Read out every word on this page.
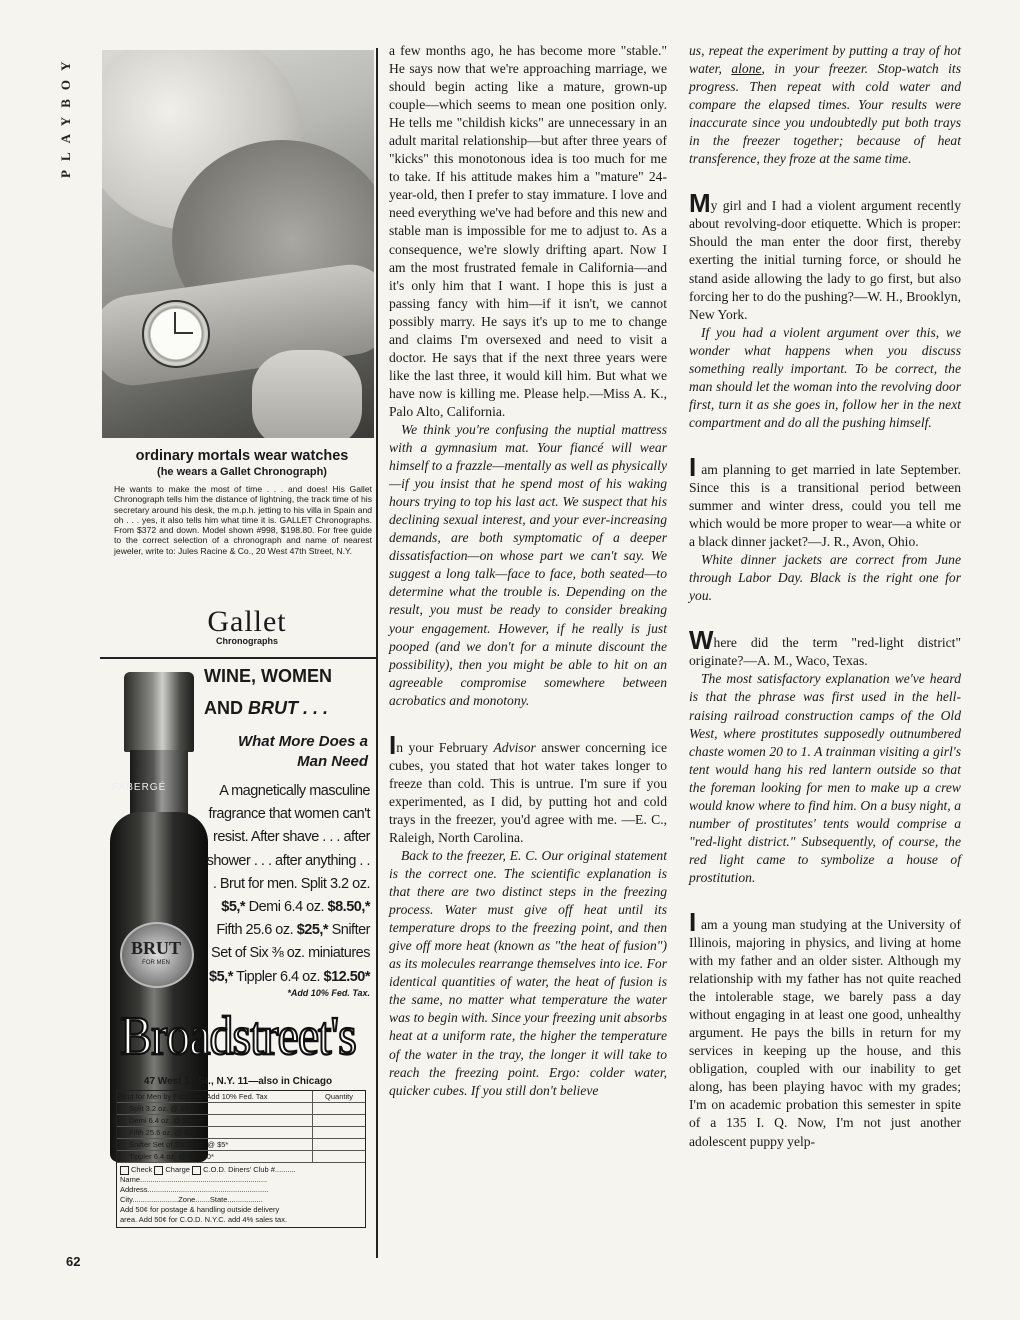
PLAYBOY
ordinary mortals wear watches
(he wears a Gallet Chronograph)
He wants to make the most of time . . . and does! His Gallet Chronograph tells him the distance of lightning, the track time of his secretary around his desk, the m.p.h. jetting to his villa in Spain and oh . . . yes, it also tells him what time it is. GALLET Chronographs. From $372 and down. Model shown #998, $198.80. For free guide to the correct selection of a chronograph and name of nearest jeweler, write to: Jules Racine & Co., 20 West 47th Street, N.Y.
Gallet
Chronographs
FABERGÉ
BRUT
FOR MEN
WINE, WOMEN
AND BRUT . . .
What More Does a Man Need
A magnetically masculine fragrance that women can't resist. After shave . . . after shower . . . after anything . . . Brut for men. Split 3.2 oz. $5,* Demi 6.4 oz. $8.50,* Fifth 25.6 oz. $25,* Snifter Set of Six ⅜ oz. miniatures $5,* Tippler 6.4 oz. $12.50*
*Add 10% Fed. Tax.
Broadstreet's
47 West 17 St., N.Y. 11—also in Chicago
Brut for Men by Fabergé *Add 10% Fed. Tax	Quantity
Split 3.2 oz. @ $5*
Demi 6.4 oz. @ $8.50*
Fifth 25.6 oz. @ $25*
Snifter Set of Six ⅜ oz. @ $5*
Tippler 6.4 oz. @ $12.50*
Check Charge C.O.D. Diners' Club #..........
Name.............................................................
Address..........................................................
City......................Zone.......State.................
Add 50¢ for postage & handling outside delivery
area. Add 50¢ for C.O.D. N.Y.C. add 4% sales tax.
62

a few months ago, he has become more "stable." He says now that we're approaching marriage, we should begin acting like a mature, grown-up couple—which seems to mean one position only. He tells me "childish kicks" are unnecessary in an adult marital relationship—but after three years of "kicks" this monotonous idea is too much for me to take. If his attitude makes him a "mature" 24-year-old, then I prefer to stay immature. I love and need everything we've had before and this new and stable man is impossible for me to adjust to. As a consequence, we're slowly drifting apart. Now I am the most frustrated female in California—and it's only him that I want. I hope this is just a passing fancy with him—if it isn't, we cannot possibly marry. He says it's up to me to change and claims I'm oversexed and need to visit a doctor. He says that if the next three years were like the last three, it would kill him. But what we have now is killing me. Please help.—Miss A. K., Palo Alto, California.

We think you're confusing the nuptial mattress with a gymnasium mat. Your fiancé will wear himself to a frazzle—mentally as well as physically—if you insist that he spend most of his waking hours trying to top his last act. We suspect that his declining sexual interest, and your ever-increasing demands, are both symptomatic of a deeper dissatisfaction—on whose part we can't say. We suggest a long talk—face to face, both seated—to determine what the trouble is. Depending on the result, you must be ready to consider breaking your engagement. However, if he really is just pooped (and we don't for a minute discount the possibility), then you might be able to hit on an agreeable compromise somewhere between acrobatics and monotony.

In your February Advisor answer concerning ice cubes, you stated that hot water takes longer to freeze than cold. This is untrue. I'm sure if you experimented, as I did, by putting hot and cold trays in the freezer, you'd agree with me. —E. C., Raleigh, North Carolina.

Back to the freezer, E. C. Our original statement is the correct one. The scientific explanation is that there are two distinct steps in the freezing process. Water must give off heat until its temperature drops to the freezing point, and then give off more heat (known as "the heat of fusion") as its molecules rearrange themselves into ice. For identical quantities of water, the heat of fusion is the same, no matter what temperature the water was to begin with. Since your freezing unit absorbs heat at a uniform rate, the higher the temperature of the water in the tray, the longer it will take to reach the freezing point. Ergo: colder water, quicker cubes. If you still don't believe

us, repeat the experiment by putting a tray of hot water, alone, in your freezer. Stop-watch its progress. Then repeat with cold water and compare the elapsed times. Your results were inaccurate since you undoubtedly put both trays in the freezer together; because of heat transference, they froze at the same time.

My girl and I had a violent argument recently about revolving-door etiquette. Which is proper: Should the man enter the door first, thereby exerting the initial turning force, or should he stand aside allowing the lady to go first, but also forcing her to do the pushing?—W. H., Brooklyn, New York.

If you had a violent argument over this, we wonder what happens when you discuss something really important. To be correct, the man should let the woman into the revolving door first, turn it as she goes in, follow her in the next compartment and do all the pushing himself.

I am planning to get married in late September. Since this is a transitional period between summer and winter dress, could you tell me which would be more proper to wear—a white or a black dinner jacket?—J. R., Avon, Ohio.

White dinner jackets are correct from June through Labor Day. Black is the right one for you.

Where did the term "red-light district" originate?—A. M., Waco, Texas.

The most satisfactory explanation we've heard is that the phrase was first used in the hell-raising railroad construction camps of the Old West, where prostitutes supposedly outnumbered chaste women 20 to 1. A trainman visiting a girl's tent would hang his red lantern outside so that the foreman looking for men to make up a crew would know where to find him. On a busy night, a number of prostitutes' tents would comprise a "red-light district." Subsequently, of course, the red light came to symbolize a house of prostitution.

I am a young man studying at the University of Illinois, majoring in physics, and living at home with my father and an older sister. Although my relationship with my father has not quite reached the intolerable stage, we barely pass a day without engaging in at least one good, unhealthy argument. He pays the bills in return for my services in keeping up the house, and this obligation, coupled with our inability to get along, has been playing havoc with my grades; I'm on academic probation this semester in spite of a 135 I. Q. Now, I'm not just another adolescent puppy yelp-
